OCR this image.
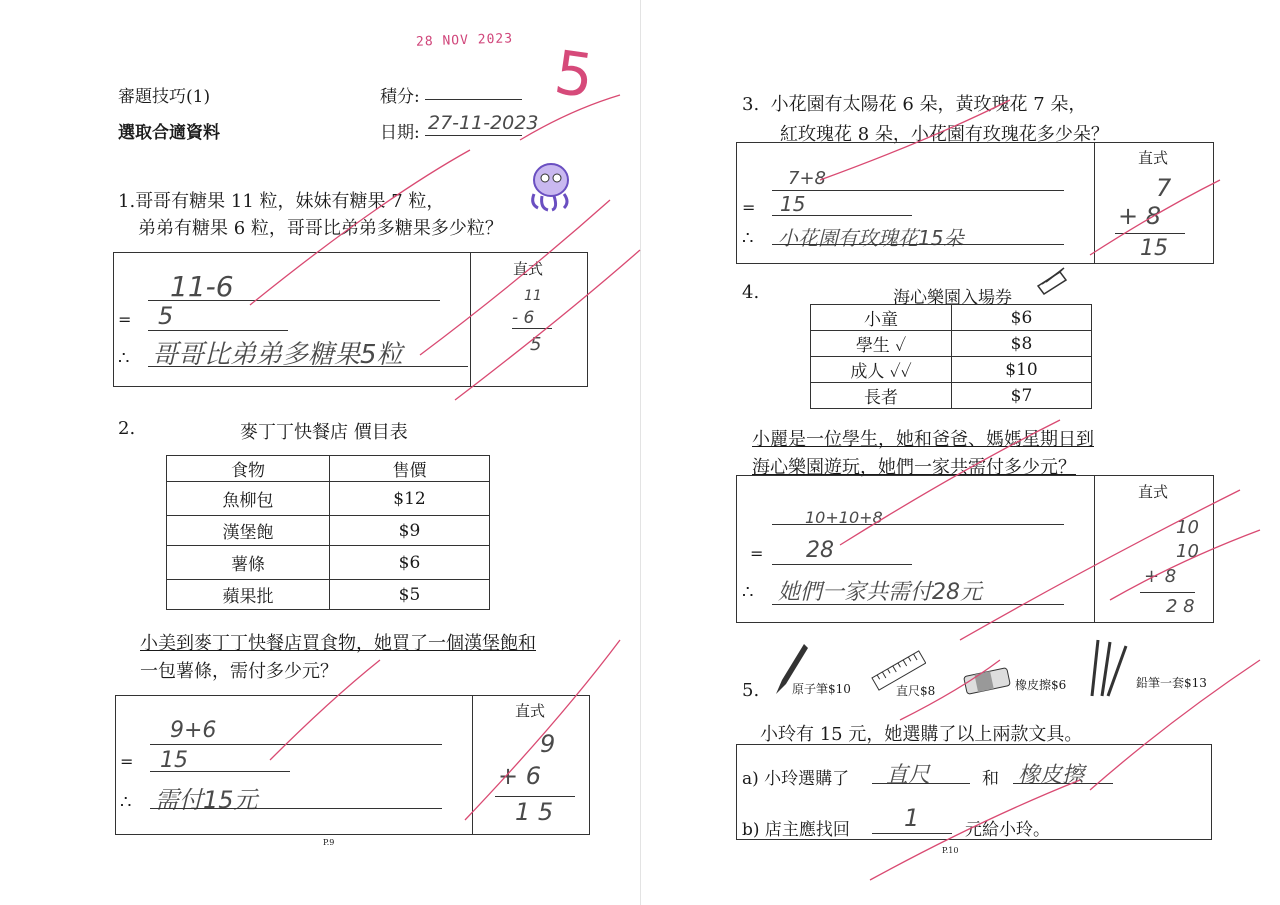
28 NOV 2023
審題技巧(1)
選取合適資料
積分:
日期: 27-11-2023
5
1.哥哥有糖果 11 粒，妹妹有糖果 7 粒，
弟弟有糖果 6 粒，哥哥比弟弟多糖果多少粒？
11-6
= 5
∴ 哥哥比弟弟多糖果5粒
直式
11
- 6
5
2.	麥丁丁快餐店 價目表
食物	售價
魚柳包	$12
漢堡飽	$9
薯條	$6
蘋果批	$5
小美到麥丁丁快餐店買食物，她買了一個漢堡飽和
一包薯條，需付多少元？
9+6
= 15
∴ 需付15元
直式
9
+ 6
1 5
P.9
3. 小花園有太陽花 6 朵，黃玫瑰花 7 朵，
紅玫瑰花 8 朵，小花園有玫瑰花多少朵？
7+8
= 15
∴ 小花園有玫瑰花15朵
直式
7
+ 8
15
4.	海心樂園入場券
小童	$6
學生 ✓	$8
成人 ✓✓	$10
長者	$7
小麗是一位學生，她和爸爸、媽媽星期日到
海心樂園遊玩，她們一家共需付多少元？
10+10+8
= 28
∴ 她們一家共需付28元
直式
10
10
+ 8
2 8
5.	原子筆$10	直尺$8	橡皮擦$6	鉛筆一套$13
小玲有 15 元，她選購了以上兩款文具。
a) 小玲選購了 直尺	和 橡皮擦
b) 店主應找回 1	元給小玲。
P.10
